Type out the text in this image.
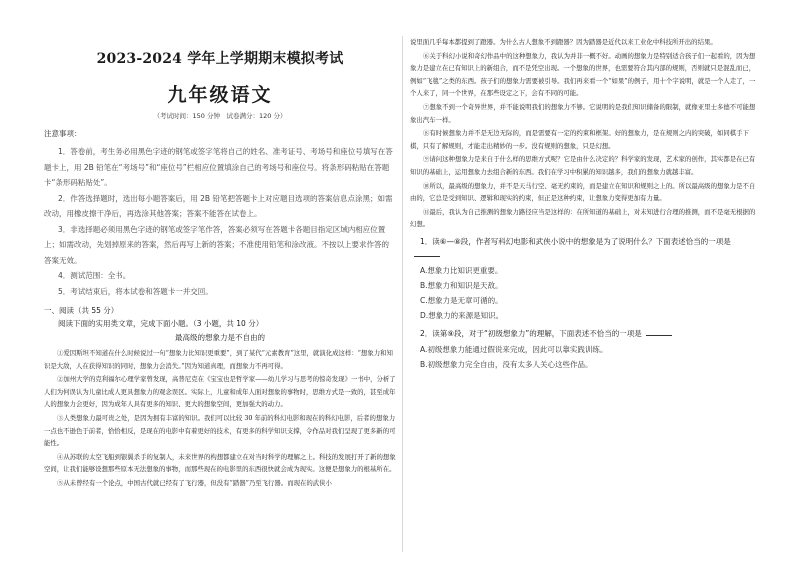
2023-2024 学年上学期期末模拟考试
九年级语文
（考试时间：150 分钟　试卷满分：120 分）
注意事项：

1．答卷前，考生务必用黑色字迹的钢笔或签字笔将自己的姓名、准考证号、考场号和座位号填写在答题卡上，用 2B 铅笔在“考场号”和“座位号”栏相应位置填涂自己的考场号和座位号。将条形码粘贴在答题卡“条形码粘贴处”。

2．作答选择题时，选出每小题答案后，用 2B 铅笔把答题卡上对应题目选项的答案信息点涂黑；如需改动，用橡皮擦干净后，再选涂其他答案；答案不能答在试卷上。

3．非选择题必须用黑色字迹的钢笔或签字笔作答，答案必须写在答题卡各题目指定区域内相应位置上；如需改动，先划掉原来的答案，然后再写上新的答案；不准使用铅笔和涂改液。不按以上要求作答的答案无效。

4．测试范围：全书。

5．考试结束后，将本试卷和答题卡一并交回。

一、阅读（共 55 分）
阅读下面的实用类文章，完成下面小题。（3 小题，共 10 分）
最高级的想象力是不自由的

①爱因斯坦不知道在什么时候说过一句“想象力比知识更重要”，到了某代“元素教育”这里，就演化成这样：“想象力和知识是大敌，人在获得知识的同时，想象力会消失。”因为知道真理，而想象力不再可得。

②加州大学的克利福尔心理学家曾发现，高普尼克在《宝宝也是哲学家——幼儿学习与思考的惊奇发现》一书中，分析了人们为何误认为儿童比成人更具想象力的观念误区。实际上，儿童和成年人面对想象的事物时，思维方式是一致的，甚至成年人的想象力会更好，因为成年人具有更多的知识、更大的想象空间，更加强大的动力。

③人类想象力最可贵之处，是因为拥有丰富的知识。我们可以比较 30 年前的科幻电影和现在的科幻电影，后者的想象力一点也不逊色于前者，恰恰相反，是现在的电影中有着更好的技术，有更多的科学知识支撑，令作品对我们呈现了更多新的可能性。

④从苏联的太空飞船到银翼杀手的复制人，未来世界的构想都建立在对当时科学的理解之上。科技的发展打开了新的想象空间，让我们能够设想那些原本无法想象的事物，而那些现在的电影里的东西很快就会成为现实。这便是想象力的根基所在。

⑤从未曾经有一个论点，中国古代就已经有了飞行器，但没有“踏器”乃至飞行器。而现在的武侠小

说里面几乎每本都提到了蹬器。为什么古人想象不到蹬器？因为踏器是近代以来工业化中科技所开出的结果。

⑥关于科幻小说和奇幻作品中的这种想象力，我认为并非一概不好。动画的想象力是特别适合孩子们一起看的，因为想象力是建立在已有知识上的新组合，而不是凭空出现。一个想象的世界，也需要符合其内部的规则，否则就只是混乱而已，例如“飞毯”之类的东西。孩子们的想象力需要被引导。我们再来看一个“如果”的例子，用十个字说明，就是一个人走了，一个人来了，同一个世界，在那些设定之下，会有不同的可能。

⑦想象不到一个奇异世界，并不能说明我们的想象力不够。它说明的是我们知识储备的限制，就像亚里士多德不可能想象出汽车一样。

⑧有时候想象力并不是无边无际的，而是需要有一定的约束和框架。好的想象力，是在规则之内的突破，如同棋手下棋，只有了解规则，才能走出精妙的一步。没有规则的想象，只是幻想。

⑨请问这种想象力是来自于什么样的思维方式呢？它是由什么决定的？科学家的发现，艺术家的创作，其实都是在已有知识的基础上，运用想象力去组合新的东西。我们在学习中积累的知识越多，我们的想象力就越丰富。

⑩所以，最高级的想象力，并不是天马行空、毫无约束的，而是建立在知识和规则之上的。所以最高级的想象力是不自由的，它总是受到知识、逻辑和现实的约束，但正是这种约束，让想象力变得更加有力量。

⑪最后，我认为自己推测的想象力路径应当是这样的：在所知道的基础上，对未知进行合理的推测，而不是毫无根据的幻想。

1．读⑥—⑧段，作者写科幻电影和武侠小说中的想象是为了说明什么？下面表述恰当的一项是
A.想象力比知识更重要。
B.想象力和知识是天敌。
C.想象力是无章可循的。
D.想象力的来源是知识。
2．读第⑨段，对于“初级想象力”的理解，下面表述不恰当的一项是
A.初级想象力能通过假说来完成，因此可以靠实践训练。
B.初级想象力完全自由，没有太多人关心这些作品。
